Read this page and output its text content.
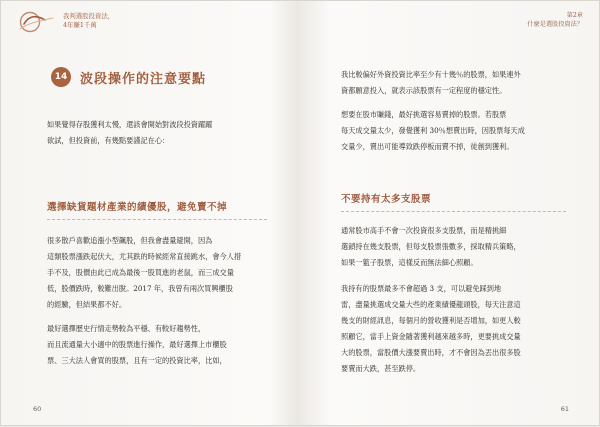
我判選股投資法，
4年賺1千萬
14 波段操作的注意要點
如果覺得存股獲利太慢，還該會開始對波段投資躍躍
欲試，但投資前，有幾點要謹記在心：
選擇缺貨題材產業的績優股，避免賣不掉
很多散戶喜歡追漲小型飆股，但我會盡量避開，因為
這類股票漲跌起伏大，尤其跌的時候經常直接跳水，會今人措
手不及，股價由此已成為最後一股買進的老鼠，而三成交量
低，股價跌時，較難出脫。2017 年，我曾有兩次買興櫃股
的經驗，但結果都不好。
最好選擇歷史行情走勢較為平穩、有較好趨勢性，
而且流通量大小適中的股票進行操作，最好選擇上市櫃股
票、三大法人會買的股票，且有一定的投資比率，比如，
60
第2章
什麼是選股投資法？
我比較偏好外資投資比率至少有十幾％的股票，如果連外
資都願意投入，就表示該股票有一定程度的穩定性。
想要在股市賺錢，最好挑選容易賣掉的股票。若股票
每天成交量太少，發覺獲利 30％想賣出時，因股票每天成
交量少，賣出可能導致跌停板而賣不掉，徒創到獲利。
不要持有太多支股票
通常股市高手不會一次投資很多支股票，而是精挑細
選鎖持在幾支股票，但每支股票張數多，採取精兵策略，
如果一籃子股票，這樣反而無法細心照顧。
我持有的股票最多不會超過 3 支，可以避免踩到地
雷，盡量挑選成交量大些的產業績優龍頭股，每天注意這
幾支的財經訊息，每個月的營收獲利是否增加，如更人較
照顧它，當手上資金隨著獲利越來越多時，更要挑成交量
大的股票，當股價大漲要賣出時，才不會因為丟出很多股
要賣而大跌，甚至跌停。
61
